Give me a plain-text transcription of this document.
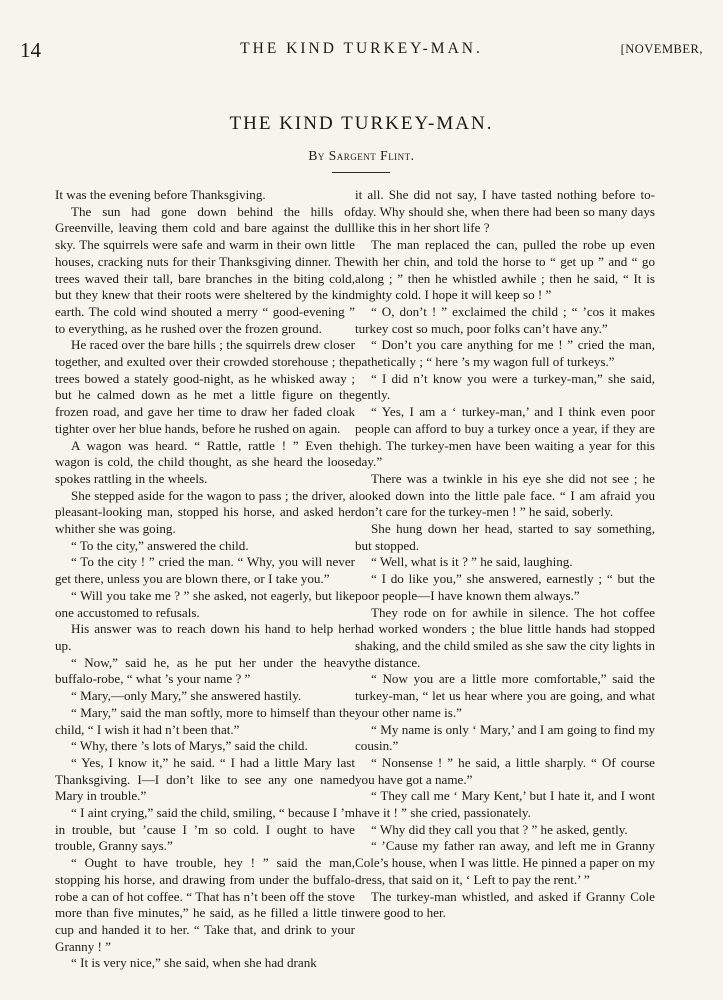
14	THE KIND TURKEY-MAN.	[NOVEMBER,
THE KIND TURKEY-MAN.
By Sargent Flint.

It was the evening before Thanksgiving.

The sun had gone down behind the hills of Greenville, leaving them cold and bare against the dull sky. The squirrels were safe and warm in their own little houses, cracking nuts for their Thanksgiving dinner. The trees waved their tall, bare branches in the biting cold, but they knew that their roots were sheltered by the kind earth. The cold wind shouted a merry “ good-evening ” to everything, as he rushed over the frozen ground.

He raced over the bare hills ; the squirrels drew closer together, and exulted over their crowded storehouse ; the trees bowed a stately good-night, as he whisked away ; but he calmed down as he met a little figure on the frozen road, and gave her time to draw her faded cloak tighter over her blue hands, before he rushed on again.

A wagon was heard. “ Rattle, rattle ! ” Even the wagon is cold, the child thought, as she heard the loose spokes rattling in the wheels.

She stepped aside for the wagon to pass ; the driver, a pleasant-looking man, stopped his horse, and asked her whither she was going.

“ To the city,” answered the child.

“ To the city ! ” cried the man. “ Why, you will never get there, unless you are blown there, or I take you.”

“ Will you take me ? ” she asked, not eagerly, but like one accustomed to refusals.

His answer was to reach down his hand to help her up.

“ Now,” said he, as he put her under the heavy buffalo-robe, “ what ’s your name ? ”

“ Mary,—only Mary,” she answered hastily.

“ Mary,” said the man softly, more to himself than the child, “ I wish it had n’t been that.”

“ Why, there ’s lots of Marys,” said the child.

“ Yes, I know it,” he said. “ I had a little Mary last Thanksgiving. I—I don’t like to see any one named Mary in trouble.”

“ I aint crying,” said the child, smiling, “ because I ’m in trouble, but ’cause I ’m so cold. I ought to have trouble, Granny says.”

“ Ought to have trouble, hey ! ” said the man, stopping his horse, and drawing from under the buffalo-robe a can of hot coffee. “ That has n’t been off the stove more than five minutes,” he said, as he filled a little tin cup and handed it to her. “ Take that, and drink to your Granny ! ”

“ It is very nice,” she said, when she had drank

it all. She did not say, I have tasted nothing before to-day. Why should she, when there had been so many days like this in her short life ?

The man replaced the can, pulled the robe up even with her chin, and told the horse to “ get up ” and “ go along ; ” then he whistled awhile ; then he said, “ It is mighty cold. I hope it will keep so ! ”

“ O, don’t ! ” exclaimed the child ; “ ’cos it makes turkey cost so much, poor folks can’t have any.”

“ Don’t you care anything for me ! ” cried the man, pathetically ; “ here ’s my wagon full of turkeys.”

“ I did n’t know you were a turkey-man,” she said, gently.

“ Yes, I am a ‘ turkey-man,’ and I think even poor people can afford to buy a turkey once a year, if they are high. The turkey-men have been waiting a year for this day.”

There was a twinkle in his eye she did not see ; he looked down into the little pale face. “ I am afraid you don’t care for the turkey-men ! ” he said, soberly.

She hung down her head, started to say something, but stopped.

“ Well, what is it ? ” he said, laughing.

“ I do like you,” she answered, earnestly ; “ but the poor people—I have known them always.”

They rode on for awhile in silence. The hot coffee had worked wonders ; the blue little hands had stopped shaking, and the child smiled as she saw the city lights in the distance.

“ Now you are a little more comfortable,” said the turkey-man, “ let us hear where you are going, and what your other name is.”

“ My name is only ‘ Mary,’ and I am going to find my cousin.”

“ Nonsense ! ” he said, a little sharply. “ Of course you have got a name.”

“ They call me ‘ Mary Kent,’ but I hate it, and I wont have it ! ” she cried, passionately.

“ Why did they call you that ? ” he asked, gently.

“ ’Cause my father ran away, and left me in Granny Cole’s house, when I was little. He pinned a paper on my dress, that said on it, ‘ Left to pay the rent.’ ”

The turkey-man whistled, and asked if Granny Cole were good to her.
